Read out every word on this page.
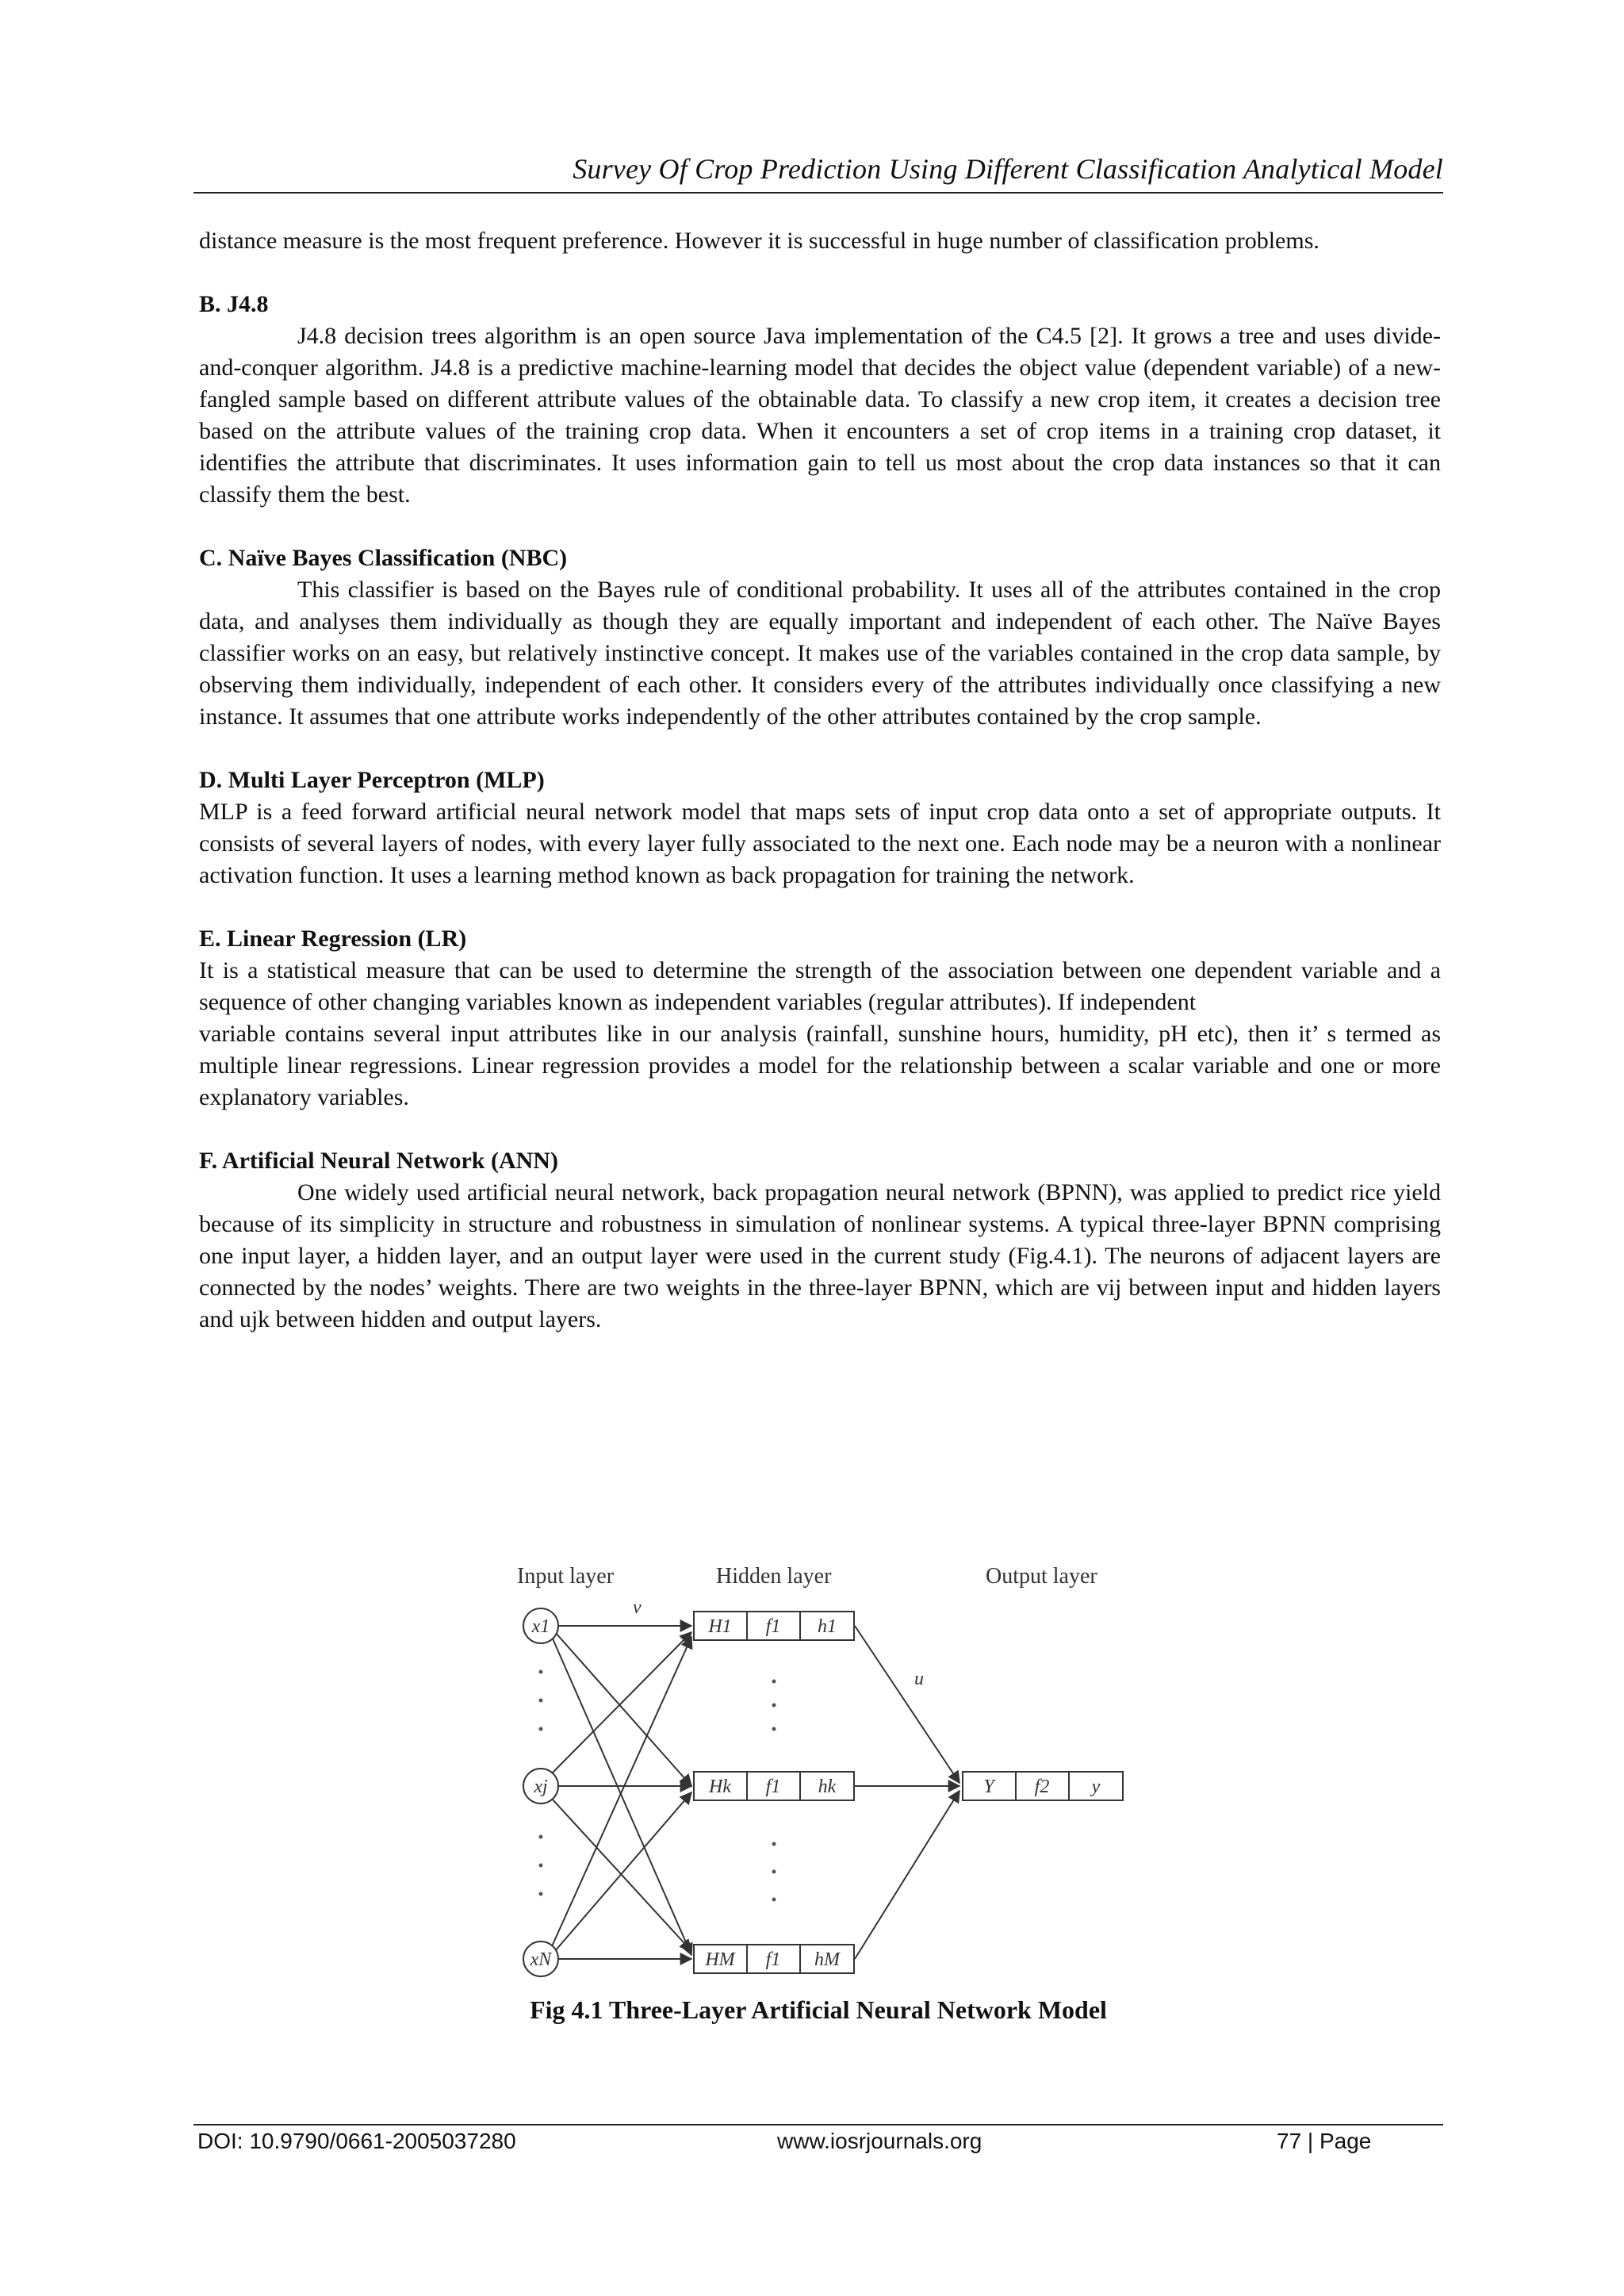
Survey Of Crop Prediction Using Different Classification Analytical Model

distance measure is the most frequent preference. However it is successful in huge number of classification problems.

B. J4.8

J4.8 decision trees algorithm is an open source Java implementation of the C4.5 [2]. It grows a tree and uses divide-and-conquer algorithm. J4.8 is a predictive machine-learning model that decides the object value (dependent variable) of a new-fangled sample based on different attribute values of the obtainable data. To classify a new crop item, it creates a decision tree based on the attribute values of the training crop data. When it encounters a set of crop items in a training crop dataset, it identifies the attribute that discriminates. It uses information gain to tell us most about the crop data instances so that it can classify them the best.

C. Naïve Bayes Classification (NBC)

This classifier is based on the Bayes rule of conditional probability. It uses all of the attributes contained in the crop data, and analyses them individually as though they are equally important and independent of each other. The Naïve Bayes classifier works on an easy, but relatively instinctive concept. It makes use of the variables contained in the crop data sample, by observing them individually, independent of each other. It considers every of the attributes individually once classifying a new instance. It assumes that one attribute works independently of the other attributes contained by the crop sample.

D. Multi Layer Perceptron (MLP)

MLP is a feed forward artificial neural network model that maps sets of input crop data onto a set of appropriate outputs. It consists of several layers of nodes, with every layer fully associated to the next one. Each node may be a neuron with a nonlinear activation function. It uses a learning method known as back propagation for training the network.

E. Linear Regression (LR)

It is a statistical measure that can be used to determine the strength of the association between one dependent variable and a sequence of other changing variables known as independent variables (regular attributes). If independent

variable contains several input attributes like in our analysis (rainfall, sunshine hours, humidity, pH etc), then it’ s termed as multiple linear regressions. Linear regression provides a model for the relationship between a scalar variable and one or more explanatory variables.

F. Artificial Neural Network (ANN)

One widely used artificial neural network, back propagation neural network (BPNN), was applied to predict rice yield because of its simplicity in structure and robustness in simulation of nonlinear systems. A typical three-layer BPNN comprising one input layer, a hidden layer, and an output layer were used in the current study (Fig.4.1). The neurons of adjacent layers are connected by the nodes’ weights. There are two weights in the three-layer BPNN, which are vij between input and hidden layers and ujk between hidden and output layers.

Input layer	Hidden layer	Output layer
v
u
x1
xj
xN
H1 f1 h1
Hk f1 hk
HM f1 hM
Y f2 y
Fig 4.1 Three-Layer Artificial Neural Network Model
DOI: 10.9790/0661-2005037280	www.iosrjournals.org	77 | Page
